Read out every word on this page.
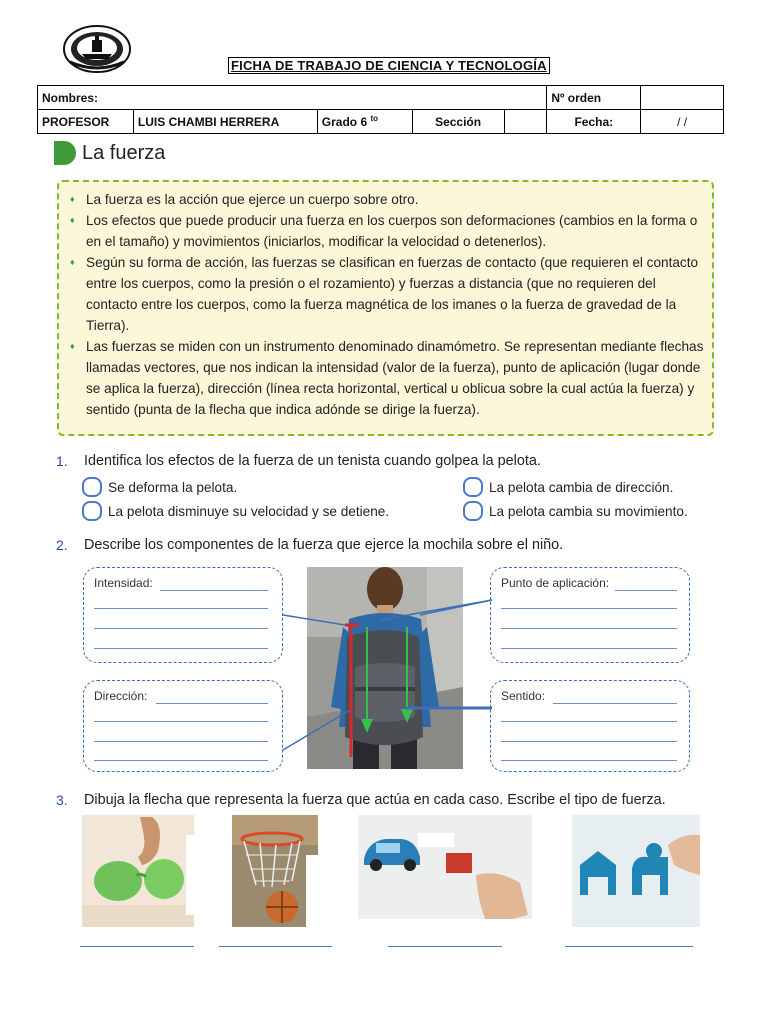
FICHA DE TRABAJO DE CIENCIA Y TECNOLOGÍA
Nombres:					Nº orden	
PROFESOR	LUIS CHAMBI HERRERA	Grado 6 $^{to}$	Sección		Fecha:	/ /
La fuerza
♦ La fuerza es la acción que ejerce un cuerpo sobre otro.
♦ Los efectos que puede producir una fuerza en los cuerpos son deformaciones (cambios en la forma o en el tamaño) y movimientos (iniciarlos, modificar la velocidad o detenerlos).
♦ Según su forma de acción, las fuerzas se clasifican en fuerzas de contacto (que requieren el contacto entre los cuerpos, como la presión o el rozamiento) y fuerzas a distancia (que no requieren del contacto entre los cuerpos, como la fuerza magnética de los imanes o la fuerza de gravedad de la Tierra).
♦ Las fuerzas se miden con un instrumento denominado dinamómetro. Se representan mediante flechas llamadas vectores, que nos indican la intensidad (valor de la fuerza), punto de aplicación (lugar donde se aplica la fuerza), dirección (línea recta horizontal, vertical u oblicua sobre la cual actúa la fuerza) y sentido (punta de la flecha que indica adónde se dirige la fuerza).
1. Identifica los efectos de la fuerza de un tenista cuando golpea la pelota.
Se deforma la pelota.	La pelota cambia de dirección.
La pelota disminuye su velocidad y se detiene.	La pelota cambia su movimiento.
2. Describe los componentes de la fuerza que ejerce la mochila sobre el niño.
Intensidad:
Dirección:
Punto de aplicación:
Sentido:
3. Dibuja la flecha que representa la fuerza que actúa en cada caso. Escribe el tipo de fuerza.
